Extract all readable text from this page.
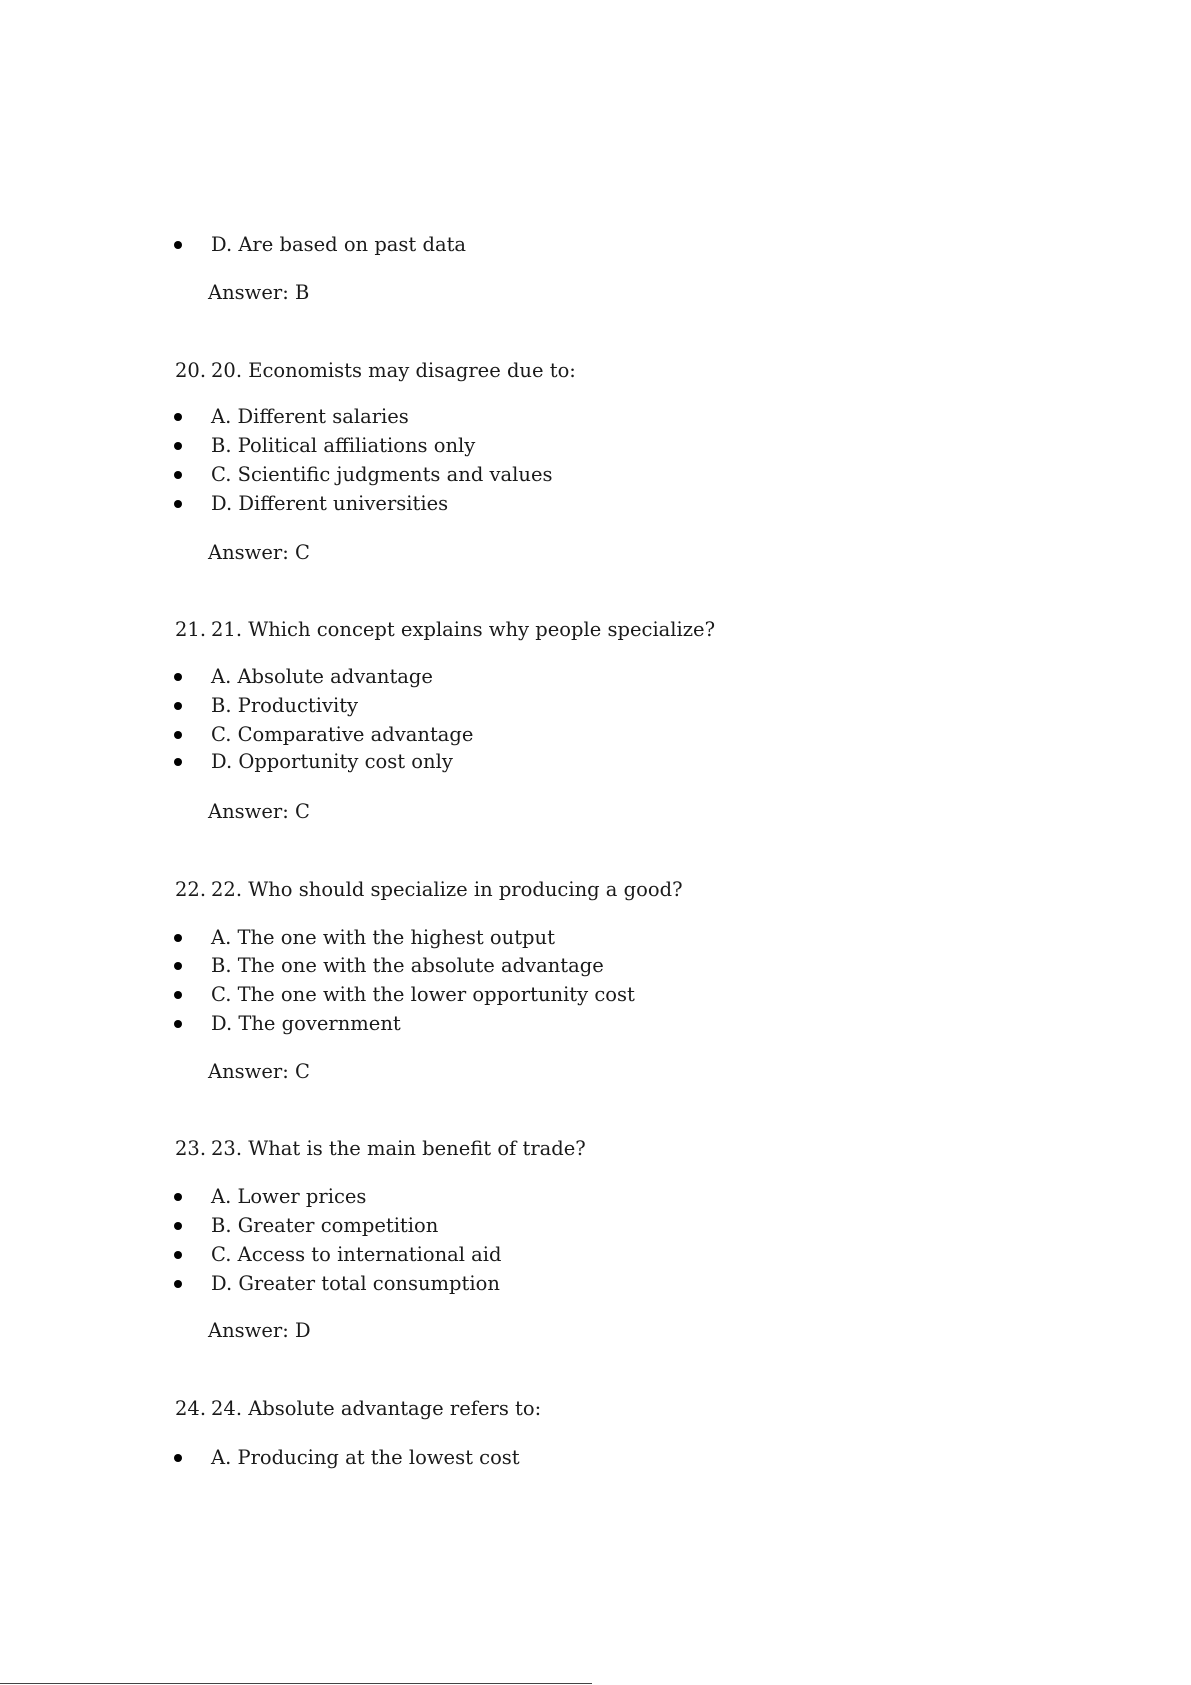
D. Are based on past data
Answer: B
20. 20. Economists may disagree due to:
A. Different salaries
B. Political affiliations only
C. Scientific judgments and values
D. Different universities
Answer: C
21. 21. Which concept explains why people specialize?
A. Absolute advantage
B. Productivity
C. Comparative advantage
D. Opportunity cost only
Answer: C
22. 22. Who should specialize in producing a good?
A. The one with the highest output
B. The one with the absolute advantage
C. The one with the lower opportunity cost
D. The government
Answer: C
23. 23. What is the main benefit of trade?
A. Lower prices
B. Greater competition
C. Access to international aid
D. Greater total consumption
Answer: D
24. 24. Absolute advantage refers to:
A. Producing at the lowest cost
